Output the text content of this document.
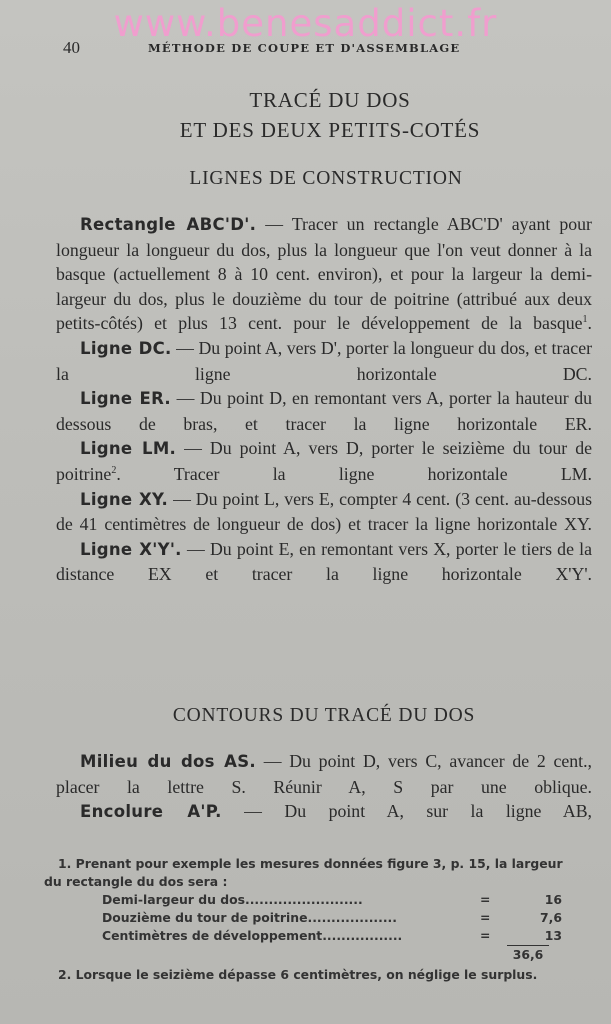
www.benesaddict.fr
40	MÉTHODE DE COUPE ET D'ASSEMBLAGE
TRACÉ DU DOS
ET DES DEUX PETITS-COTÉS
LIGNES DE CONSTRUCTION

Rectangle ABC'D'. — Tracer un rectangle ABC'D' ayant pour longueur la longueur du dos, plus la longueur que l'on veut donner à la basque (actuellement 8 à 10 cent. environ), et pour la largeur la demi-largeur du dos, plus le douzième du tour de poitrine (attribué aux deux petits-côtés) et plus 13 cent. pour le développement de la basque$^1$.

Ligne DC. — Du point A, vers D', porter la longueur du dos, et tracer la ligne horizontale DC.

Ligne ER. — Du point D, en remontant vers A, porter la hauteur du dessous de bras, et tracer la ligne horizontale ER.

Ligne LM. — Du point A, vers D, porter le seizième du tour de poitrine$^2$. Tracer la ligne horizontale LM.

Ligne XY. — Du point L, vers E, compter 4 cent. (3 cent. au-dessous de 41 centimètres de longueur de dos) et tracer la ligne horizontale XY.

Ligne X'Y'. — Du point E, en remontant vers X, porter le tiers de la distance EX et tracer la ligne horizontale X'Y'.

CONTOURS DU TRACÉ DU DOS

Milieu du dos AS. — Du point D, vers C, avancer de 2 cent., placer la lettre S. Réunir A, S par une oblique.

Encolure A'P. — Du point A, sur la ligne AB,

1. Prenant pour exemple les mesures données figure 3, p. 15, la largeur
du rectangle du dos sera :
Demi-largeur du dos.........................	=	16
Douzième du tour de poitrine...................	=	7,6
Centimètres de développement.................	=	13
36,6
2. Lorsque le seizième dépasse 6 centimètres, on néglige le surplus.
